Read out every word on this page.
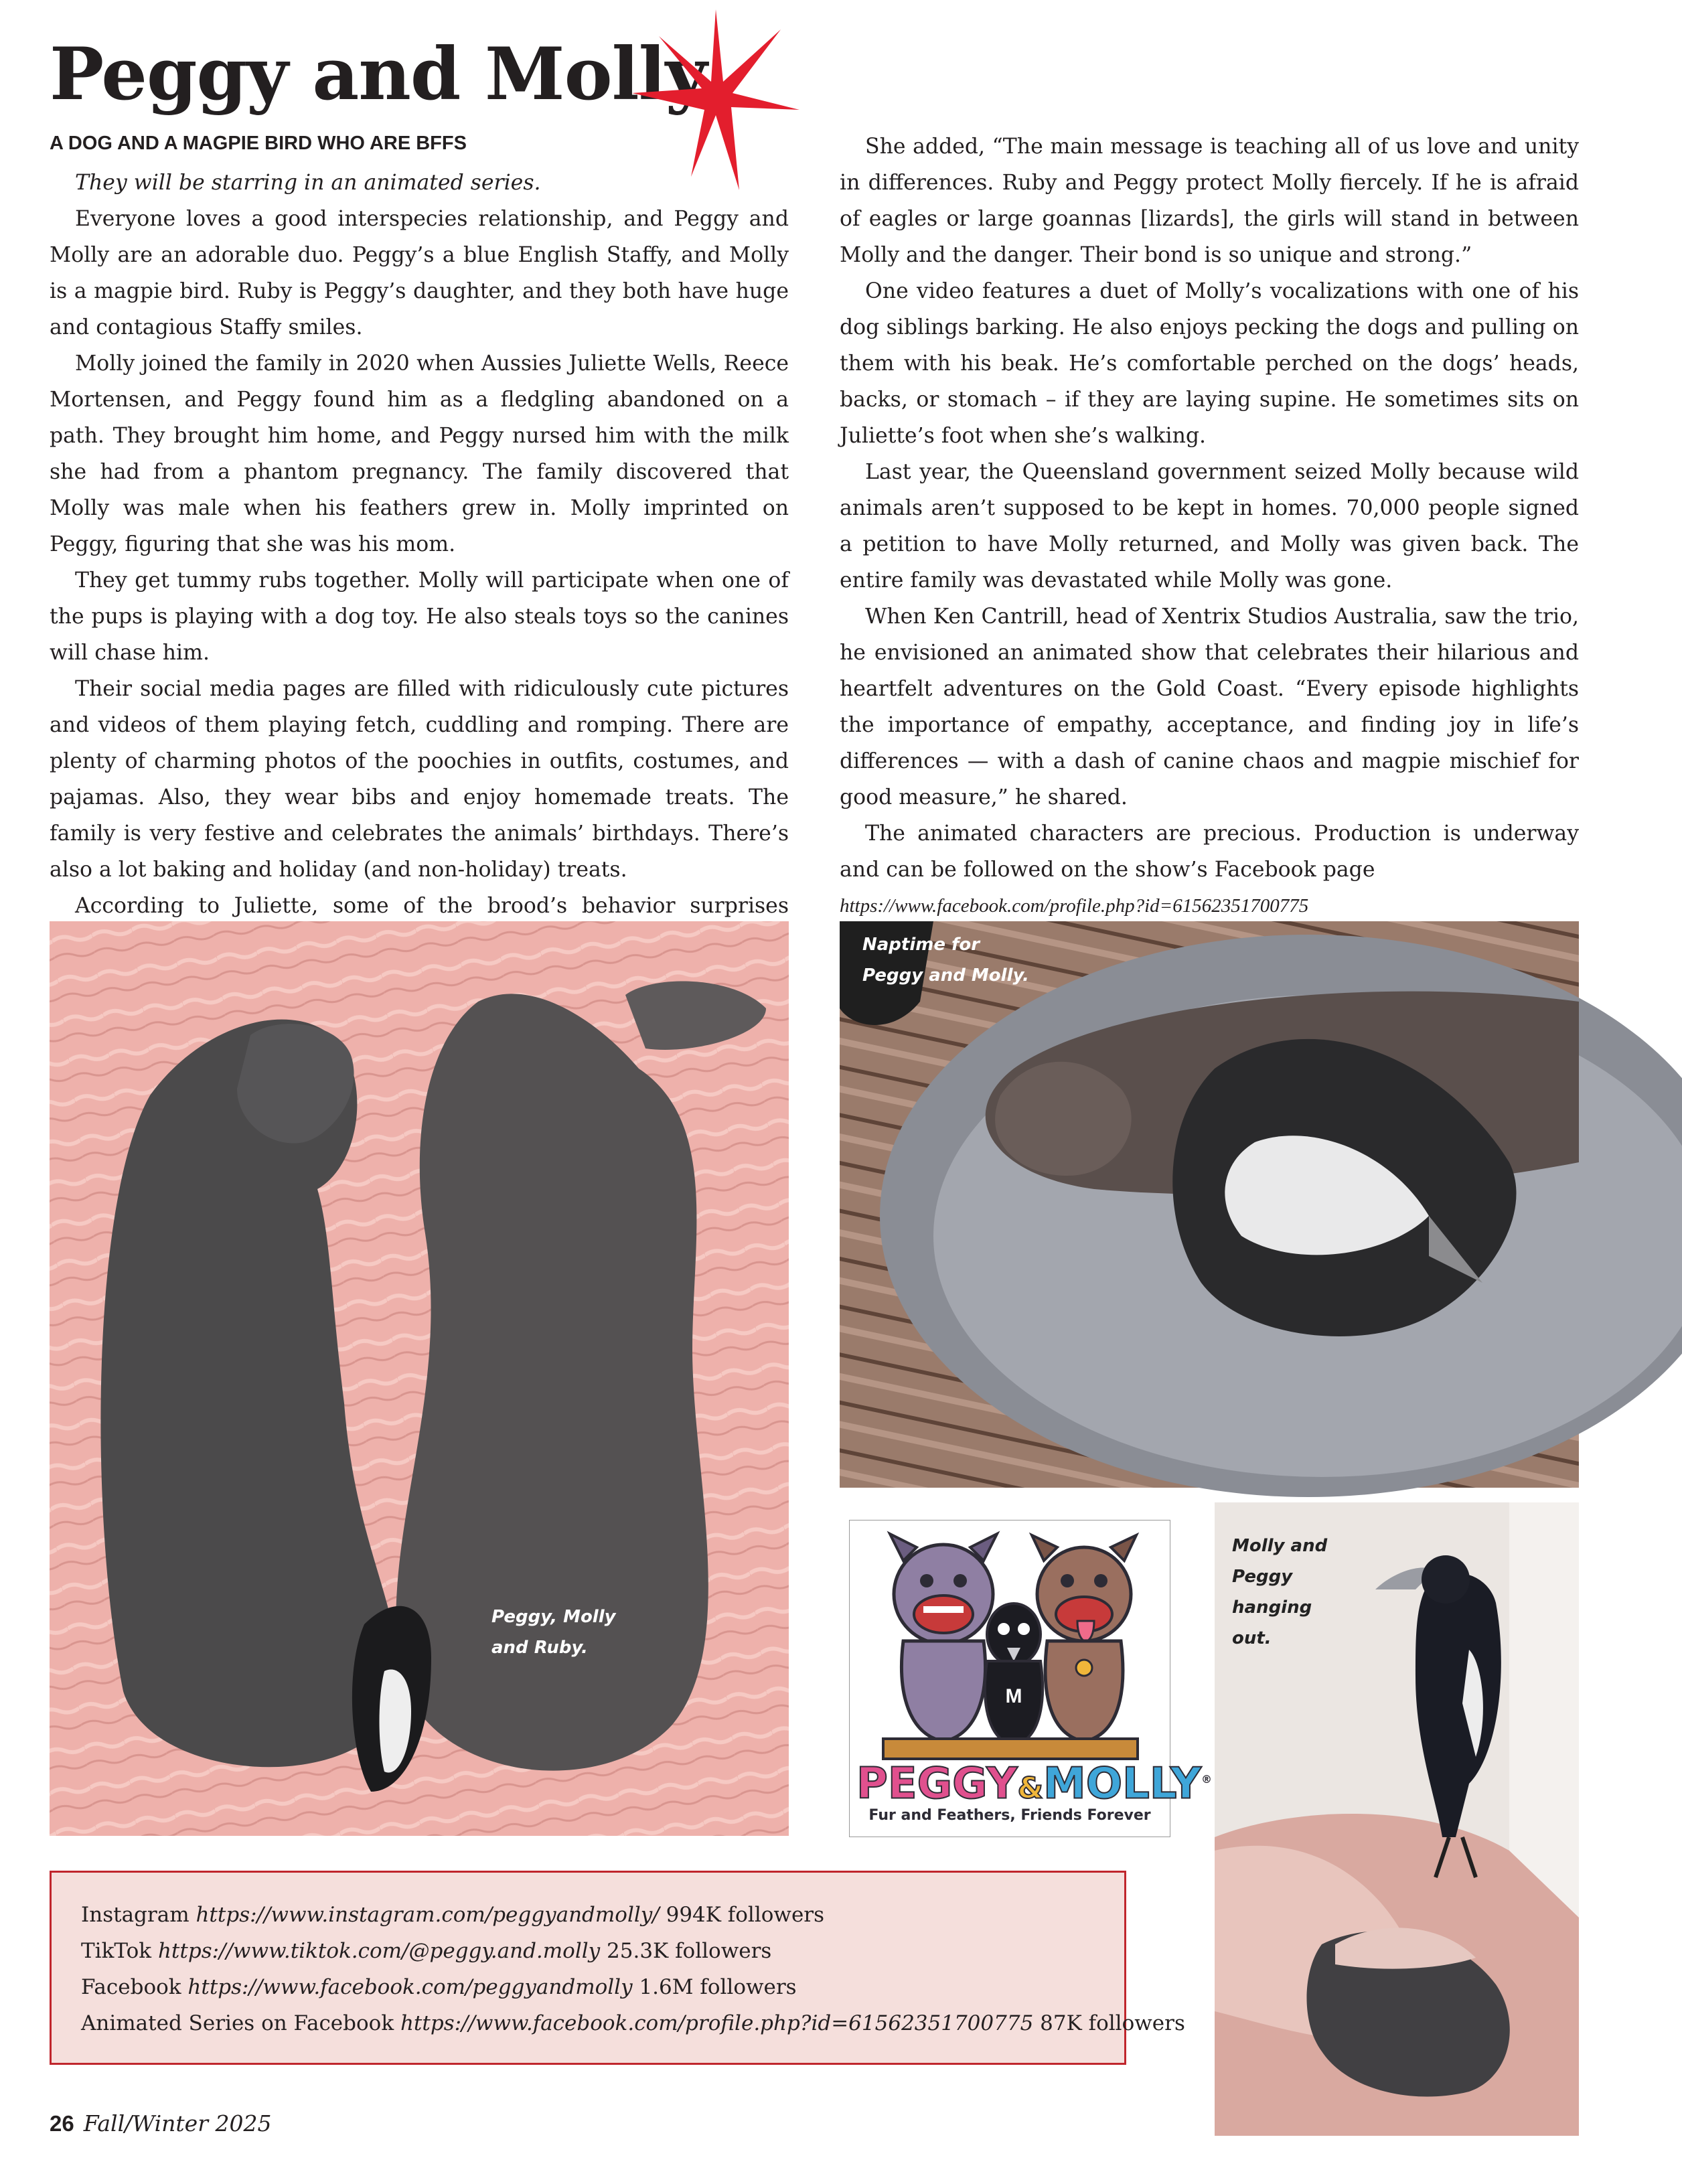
Peggy and Molly
A DOG AND A MAGPIE BIRD WHO ARE BFFS

They will be starring in an animated series.

Everyone loves a good interspecies relationship, and Peggy and Molly are an adorable duo. Peggy’s a blue English Staffy, and Molly is a magpie bird. Ruby is Peggy’s daughter, and they both have huge and contagious Staffy smiles.

Molly joined the family in 2020 when Aussies Juliette Wells, Reece Mortensen, and Peggy found him as a fledgling abandoned on a path. They brought him home, and Peggy nursed him with the milk she had from a phantom pregnancy. The family discovered that Molly was male when his feathers grew in. Molly imprinted on Peggy, figuring that she was his mom.

They get tummy rubs together. Molly will participate when one of the pups is playing with a dog toy. He also steals toys so the canines will chase him.

Their social media pages are filled with ridiculously cute pictures and videos of them playing fetch, cuddling and romping. There are plenty of charming photos of the poochies in outfits, costumes, and pajamas. Also, they wear bibs and enjoy homemade treats. The family is very festive and celebrates the animals’ birthdays. There’s also a lot baking and holiday (and non-holiday) treats.

According to Juliette, some of the brood’s behavior surprises

She added, “The main message is teaching all of us love and unity in differences. Ruby and Peggy protect Molly fiercely. If he is afraid of eagles or large goannas [lizards], the girls will stand in between Molly and the danger. Their bond is so unique and strong.”

One video features a duet of Molly’s vocalizations with one of his dog siblings barking. He also enjoys pecking the dogs and pulling on them with his beak. He’s comfortable perched on the dogs’ heads, backs, or stomach – if they are laying supine. He sometimes sits on Juliette’s foot when she’s walking.

Last year, the Queensland government seized Molly because wild animals aren’t supposed to be kept in homes. 70,000 people signed a petition to have Molly returned, and Molly was given back. The entire family was devastated while Molly was gone.

When Ken Cantrill, head of Xentrix Studios Australia, saw the trio, he envisioned an animated show that celebrates their hilarious and heartfelt adventures on the Gold Coast. “Every episode highlights the importance of empathy, acceptance, and finding joy in life’s differences — with a dash of canine chaos and magpie mischief for good measure,” he shared.

The animated characters are precious. Production is underway and can be followed on the show’s Facebook page

https://www.facebook.com/profile.php?id=61562351700775
Peggy, Molly
and Ruby.
Naptime for
Peggy and Molly.
M
PEGGY&MOLLY®
Fur and Feathers, Friends Forever
Molly and
Peggy
hanging
out.
Instagram https://www.instagram.com/peggyandmolly/ 994K followers
TikTok https://www.tiktok.com/@peggy.and.molly 25.3K followers
Facebook https://www.facebook.com/peggyandmolly 1.6M followers
Animated Series on Facebook https://www.facebook.com/profile.php?id=61562351700775 87K followers
26 Fall/Winter 2025
